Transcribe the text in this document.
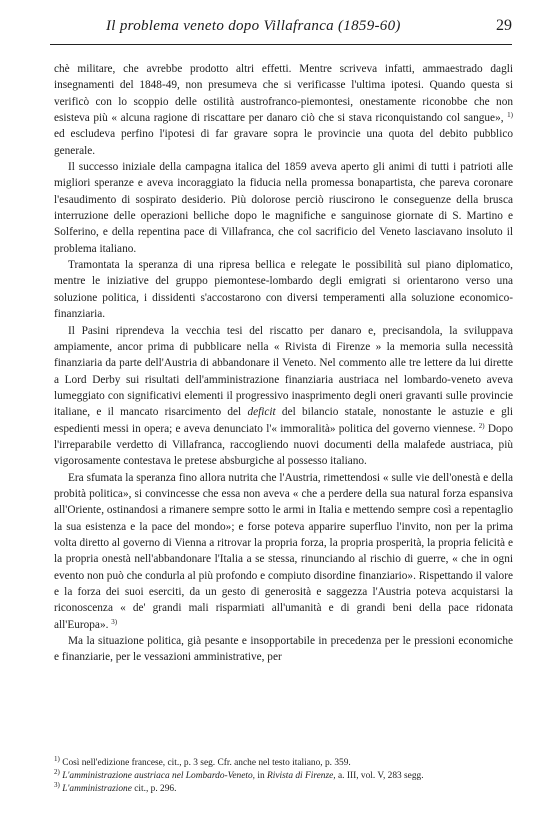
Il problema veneto dopo Villafranca (1859-60)	29

chè militare, che avrebbe prodotto altri effetti. Mentre scriveva infatti, ammaestrado dagli insegnamenti del 1848-49, non presumeva che si verificasse l'ultima ipotesi. Quando questa si verificò con lo scoppio delle ostilità austrofranco-piemontesi, onestamente riconobbe che non esisteva più « alcuna ragione di riscattare per danaro ciò che si stava riconquistando col sangue», $^{1)}$ ed escludeva perfino l'ipotesi di far gravare sopra le provincie una quota del debito pubblico generale.

Il successo iniziale della campagna italica del 1859 aveva aperto gli animi di tutti i patrioti alle migliori speranze e aveva incoraggiato la fiducia nella promessa bonapartista, che pareva coronare l'esaudimento di sospirato desiderio. Più dolorose perciò riuscirono le conseguenze della brusca interruzione delle operazioni belliche dopo le magnifiche e sanguinose giornate di S. Martino e Solferino, e della repentina pace di Villafranca, che col sacrificio del Veneto lasciavano insoluto il problema italiano.

Tramontata la speranza di una ripresa bellica e relegate le possibilità sul piano diplomatico, mentre le iniziative del gruppo piemontese-lombardo degli emigrati si orientarono verso una soluzione politica, i dissidenti s'accostarono con diversi temperamenti alla soluzione economico-finanziaria.

Il Pasini riprendeva la vecchia tesi del riscatto per danaro e, precisandola, la sviluppava ampiamente, ancor prima di pubblicare nella « Rivista di Firenze » la memoria sulla necessità finanziaria da parte dell'Austria di abbandonare il Veneto. Nel commento alle tre lettere da lui dirette a Lord Derby sui risultati dell'amministrazione finanziaria austriaca nel lombardo-veneto aveva lumeggiato con significativi elementi il progressivo inasprimento degli oneri gravanti sulle provincie italiane, e il mancato risarcimento del deficit del bilancio statale, nonostante le astuzie e gli espedienti messi in opera; e aveva denunciato l'« immoralità» politica del governo viennese. $^{2)}$ Dopo l'irreparabile verdetto di Villafranca, raccogliendo nuovi documenti della malafede austriaca, più vigorosamente contestava le pretese absburgiche al possesso italiano.

Era sfumata la speranza fino allora nutrita che l'Austria, rimettendosi « sulle vie dell'onestà e della probità politica», si convincesse che essa non aveva « che a perdere della sua natural forza espansiva all'Oriente, ostinandosi a rimanere sempre sotto le armi in Italia e mettendo sempre così a repentaglio la sua esistenza e la pace del mondo»; e forse poteva apparire superfluo l'invito, non per la prima volta diretto al governo di Vienna a ritrovar la propria forza, la propria prosperità, la propria felicità e la propria onestà nell'abbandonare l'Italia a se stessa, rinunciando al rischio di guerre, « che in ogni evento non può che condurla al più profondo e compiuto disordine finanziario». Rispettando il valore e la forza dei suoi eserciti, da un gesto di generosità e saggezza l'Austria poteva acquistarsi la riconoscenza « de' grandi mali risparmiati all'umanità e di grandi beni della pace ridonata all'Europa». $^{3)}$

Ma la situazione politica, già pesante e insopportabile in precedenza per le pressioni economiche e finanziarie, per le vessazioni amministrative, per

$^{1)}$ Così nell'edizione francese, cit., p. 3 seg. Cfr. anche nel testo italiano, p. 359.

$^{2)}$ L'amministrazione austriaca nel Lombardo-Veneto, in Rivista di Firenze, a. III, vol. V, 283 segg.

$^{3)}$ L'amministrazione cit., p. 296.
